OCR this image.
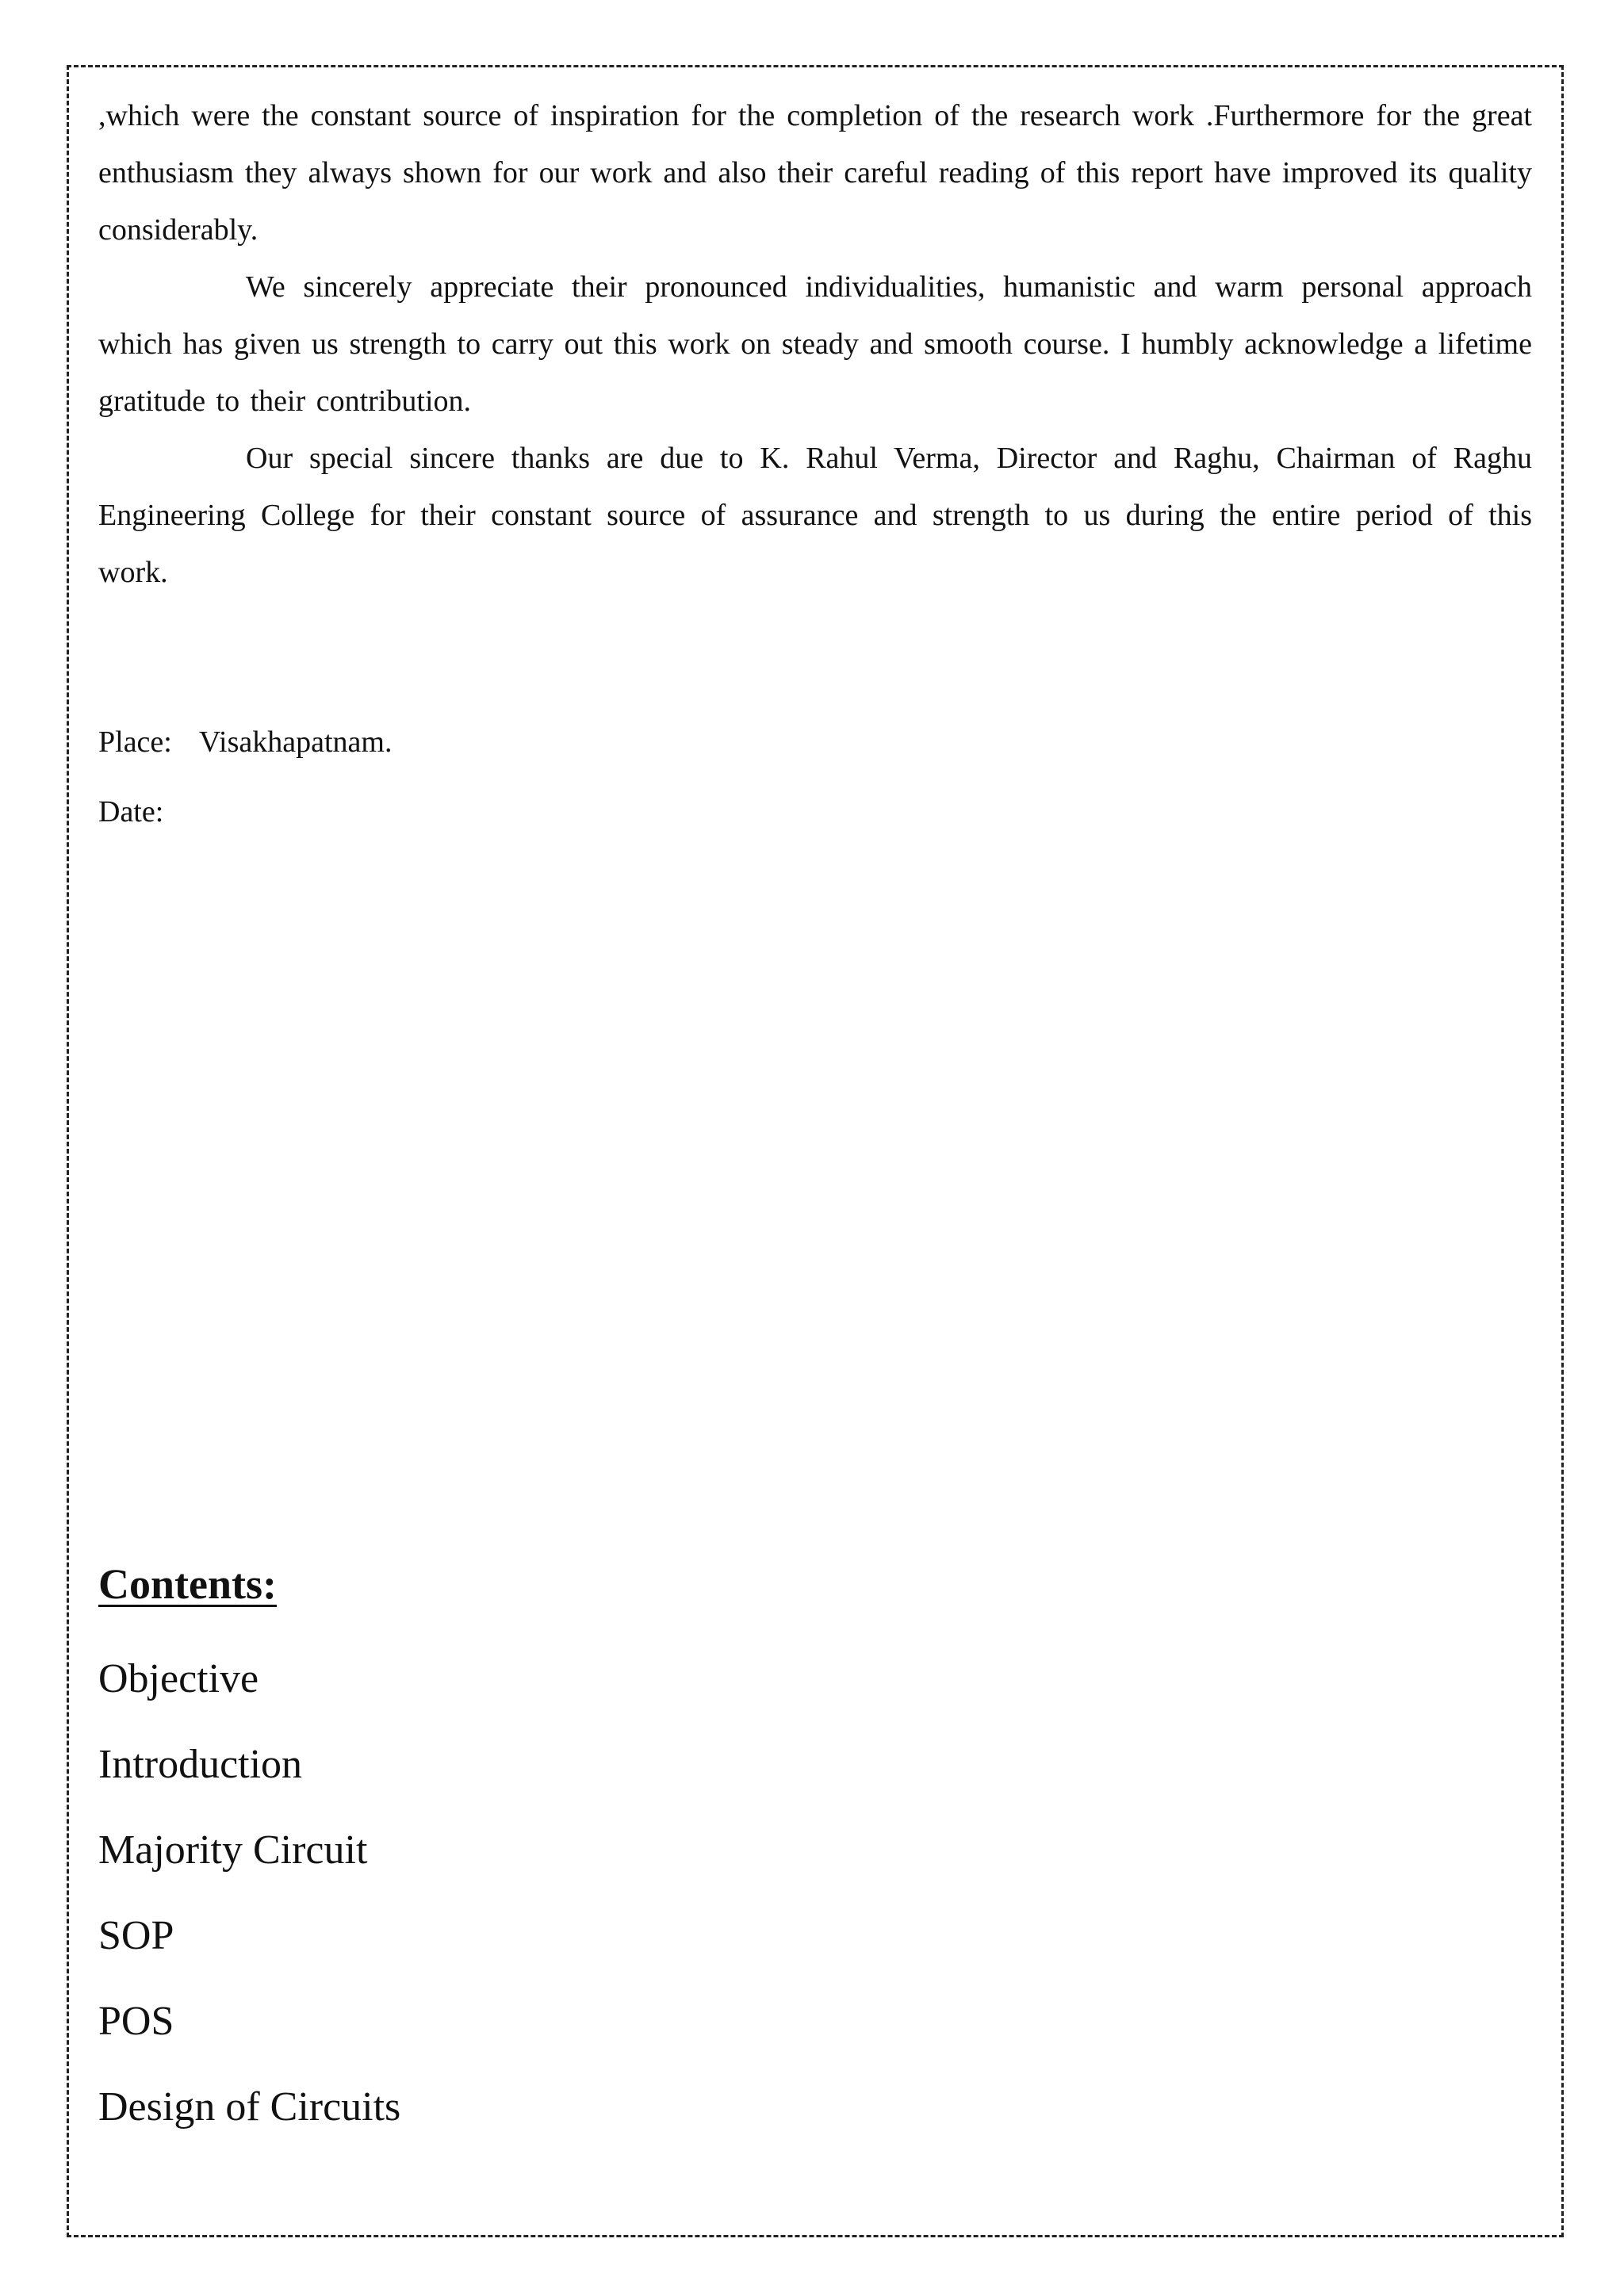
,which were the constant source of inspiration for the completion of the research work .Furthermore for the great enthusiasm they always shown for our work and also their careful reading of this report have improved its quality considerably.

We sincerely appreciate their pronounced individualities, humanistic and warm personal approach which has given us strength to carry out this work on steady and smooth course. I humbly acknowledge a lifetime gratitude to their contribution.

Our special sincere thanks are due to K. Rahul Verma, Director and Raghu, Chairman of Raghu Engineering College for their constant source of assurance and strength to us during the entire period of this work.

Place: Visakhapatnam.
Date:
Contents:
Objective
Introduction
Majority Circuit
SOP
POS
Design of Circuits
